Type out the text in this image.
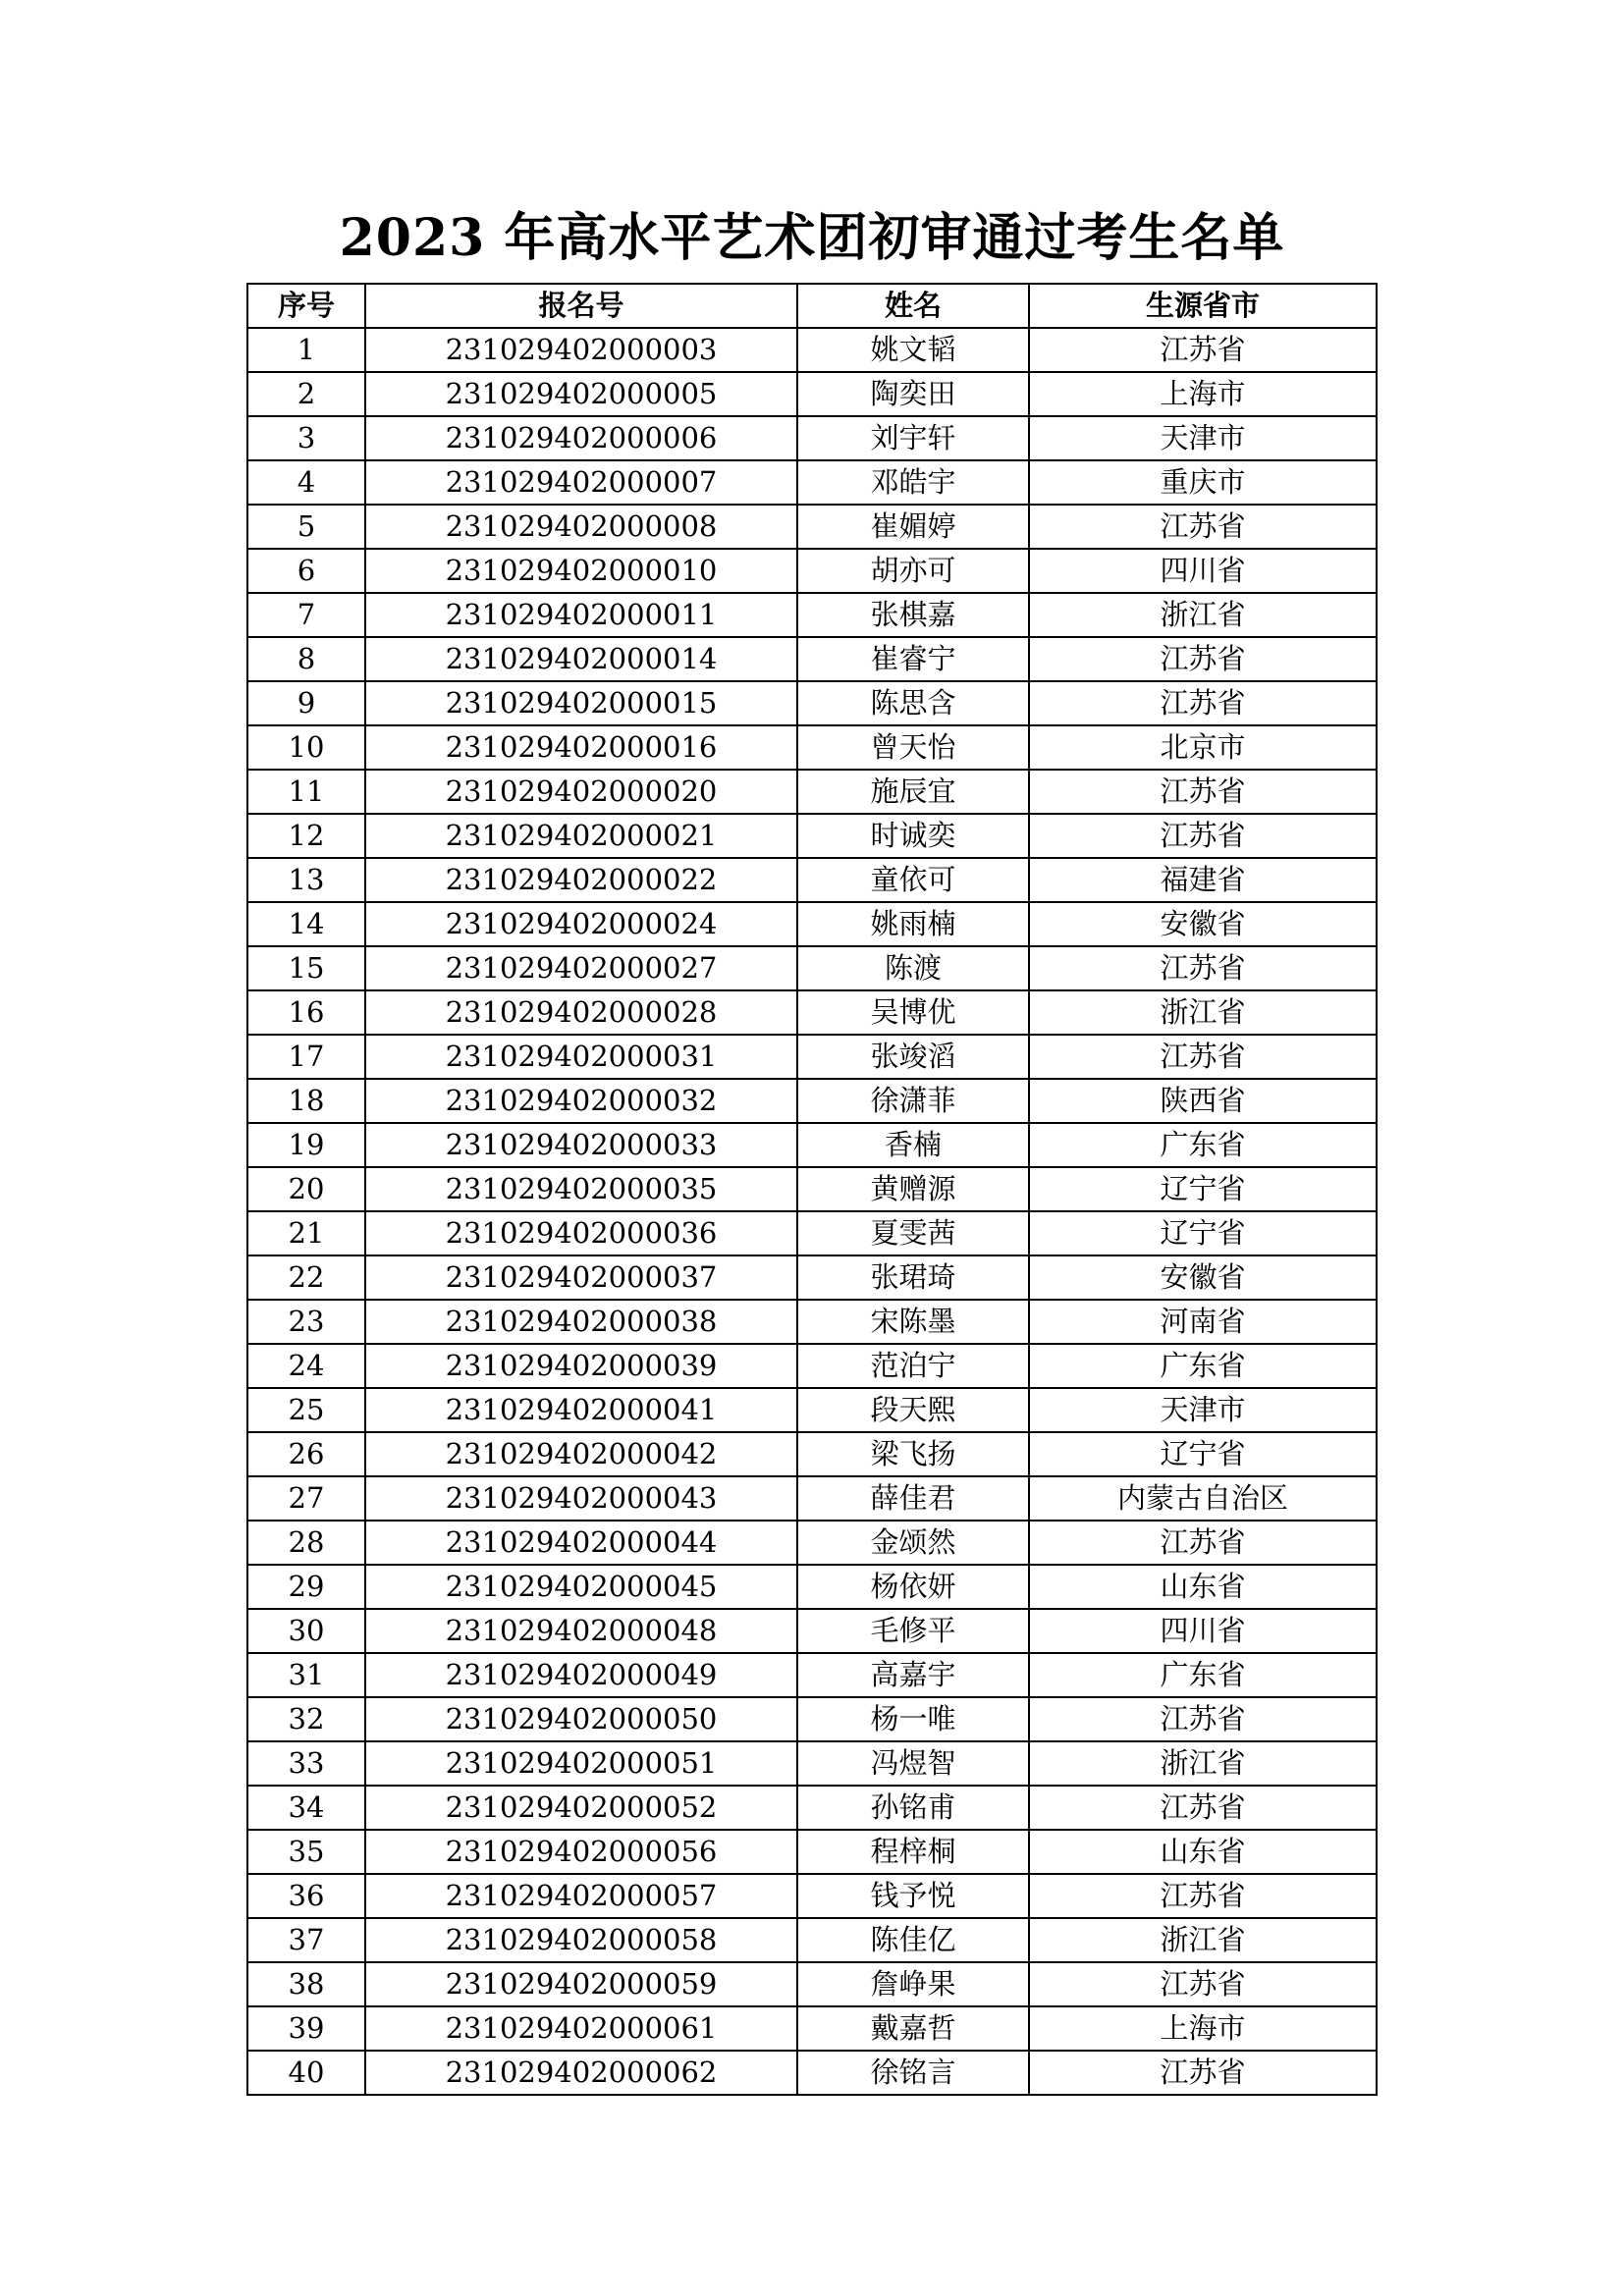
2023 年高水平艺术团初审通过考生名单
序号	报名号	姓名	生源省市
1	231029402000003	姚文韬	江苏省
2	231029402000005	陶奕田	上海市
3	231029402000006	刘宇轩	天津市
4	231029402000007	邓皓宇	重庆市
5	231029402000008	崔媚婷	江苏省
6	231029402000010	胡亦可	四川省
7	231029402000011	张棋嘉	浙江省
8	231029402000014	崔睿宁	江苏省
9	231029402000015	陈思含	江苏省
10	231029402000016	曾天怡	北京市
11	231029402000020	施辰宜	江苏省
12	231029402000021	时诚奕	江苏省
13	231029402000022	童依可	福建省
14	231029402000024	姚雨楠	安徽省
15	231029402000027	陈渡	江苏省
16	231029402000028	吴博优	浙江省
17	231029402000031	张竣滔	江苏省
18	231029402000032	徐潇菲	陕西省
19	231029402000033	香楠	广东省
20	231029402000035	黄赠源	辽宁省
21	231029402000036	夏雯茜	辽宁省
22	231029402000037	张珺琦	安徽省
23	231029402000038	宋陈墨	河南省
24	231029402000039	范泊宁	广东省
25	231029402000041	段天熙	天津市
26	231029402000042	梁飞扬	辽宁省
27	231029402000043	薛佳君	内蒙古自治区
28	231029402000044	金颂然	江苏省
29	231029402000045	杨依妍	山东省
30	231029402000048	毛修平	四川省
31	231029402000049	高嘉宇	广东省
32	231029402000050	杨一唯	江苏省
33	231029402000051	冯煜智	浙江省
34	231029402000052	孙铭甫	江苏省
35	231029402000056	程梓桐	山东省
36	231029402000057	钱予悦	江苏省
37	231029402000058	陈佳亿	浙江省
38	231029402000059	詹峥果	江苏省
39	231029402000061	戴嘉哲	上海市
40	231029402000062	徐铭言	江苏省
